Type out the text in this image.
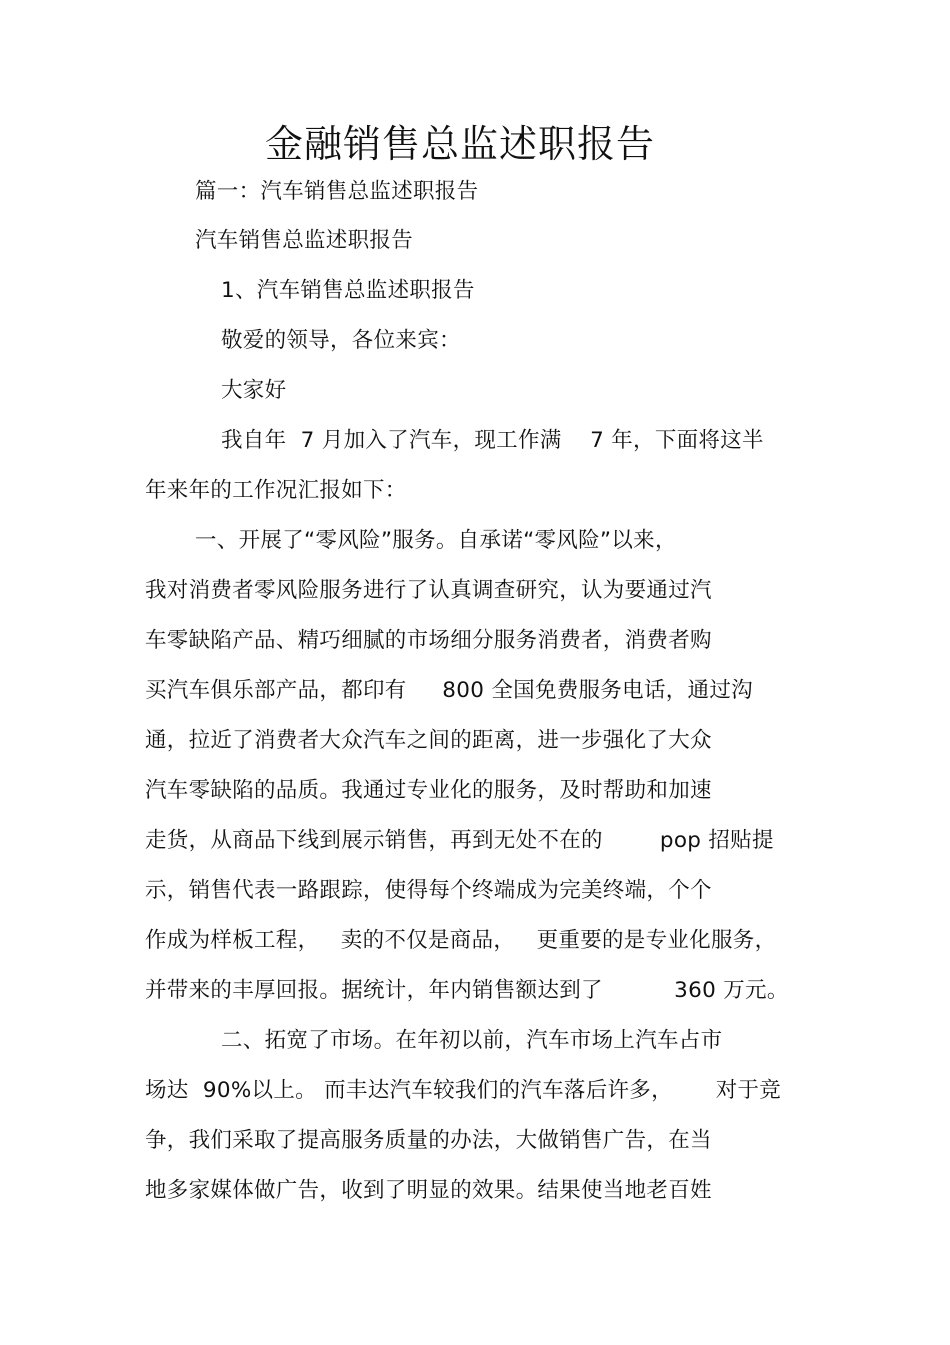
金融销售总监述职报告
篇一：汽车销售总监述职报告
汽车销售总监述职报告
1、汽车销售总监述职报告
敬爱的领导，各位来宾：
大家好
我自年  7 月加入了汽车，现工作满    7 年，下面将这半
年来年的工作况汇报如下：
一、开展了“零风险”服务。自承诺“零风险”以来，
我对消费者零风险服务进行了认真调查研究，认为要通过汽
车零缺陷产品、精巧细腻的市场细分服务消费者，消费者购
买汽车俱乐部产品，都印有     800 全国免费服务电话，通过沟
通，拉近了消费者大众汽车之间的距离，进一步强化了大众
汽车零缺陷的品质。我通过专业化的服务，及时帮助和加速
走货，从商品下线到展示销售，再到无处不在的        pop 招贴提
示，销售代表一路跟踪，使得每个终端成为完美终端，个个
作成为样板工程，   卖的不仅是商品，   更重要的是专业化服务，
并带来的丰厚回报。据统计，年内销售额达到了          360 万元。
二、拓宽了市场。在年初以前，汽车市场上汽车占市
场达  90%以上。 而丰达汽车较我们的汽车落后许多，      对于竞
争，我们采取了提高服务质量的办法，大做销售广告，在当
地多家媒体做广告，收到了明显的效果。结果使当地老百姓
